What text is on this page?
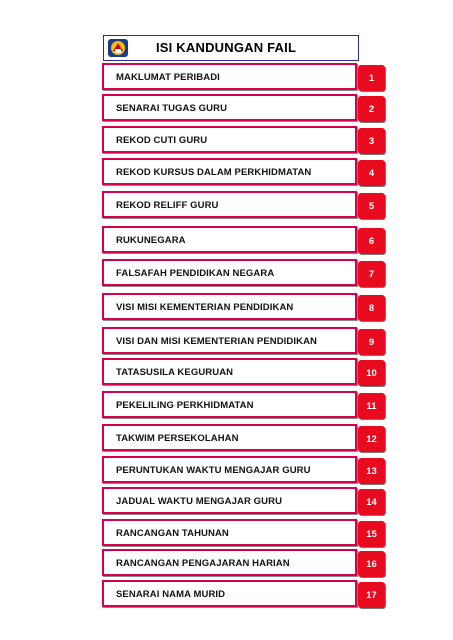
ISI KANDUNGAN FAIL
MAKLUMAT PERIBADI	1
SENARAI TUGAS GURU	2
REKOD CUTI GURU	3
REKOD KURSUS DALAM PERKHIDMATAN	4
REKOD RELIFF GURU	5
RUKUNEGARA	6
FALSAFAH PENDIDIKAN NEGARA	7
VISI MISI KEMENTERIAN PENDIDIKAN	8
VISI DAN MISI KEMENTERIAN PENDIDIKAN	9
TATASUSILA KEGURUAN	10
PEKELILING PERKHIDMATAN	11
TAKWIM PERSEKOLAHAN	12
PERUNTUKAN WAKTU MENGAJAR GURU	13
JADUAL WAKTU MENGAJAR GURU	14
RANCANGAN TAHUNAN	15
RANCANGAN PENGAJARAN HARIAN	16
SENARAI NAMA MURID	17
